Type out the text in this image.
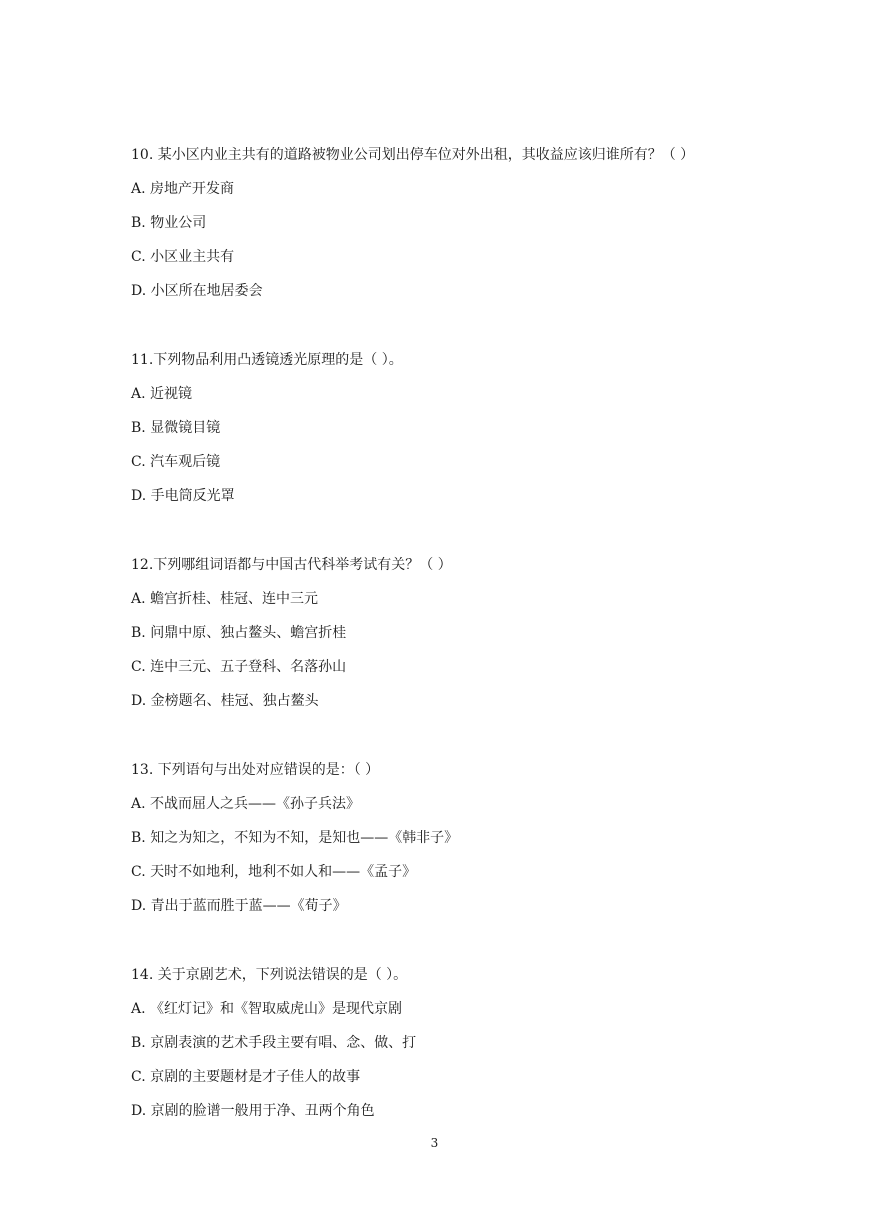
10. 某小区内业主共有的道路被物业公司划出停车位对外出租，其收益应该归谁所有？（ ）
A. 房地产开发商
B. 物业公司
C. 小区业主共有
D. 小区所在地居委会
11.下列物品利用凸透镜透光原理的是（ ）。
A. 近视镜
B. 显微镜目镜
C. 汽车观后镜
D. 手电筒反光罩
12.下列哪组词语都与中国古代科举考试有关？（ ）
A. 蟾宫折桂、桂冠、连中三元
B. 问鼎中原、独占鳌头、蟾宫折桂
C. 连中三元、五子登科、名落孙山
D. 金榜题名、桂冠、独占鳌头
13. 下列语句与出处对应错误的是：（ ）
A. 不战而屈人之兵——《孙子兵法》
B. 知之为知之，不知为不知，是知也——《韩非子》
C. 天时不如地利，地利不如人和——《孟子》
D. 青出于蓝而胜于蓝——《荀子》
14. 关于京剧艺术，下列说法错误的是（ ）。
A. 《红灯记》和《智取威虎山》是现代京剧
B. 京剧表演的艺术手段主要有唱、念、做、打
C. 京剧的主要题材是才子佳人的故事
D. 京剧的脸谱一般用于净、丑两个角色
3
